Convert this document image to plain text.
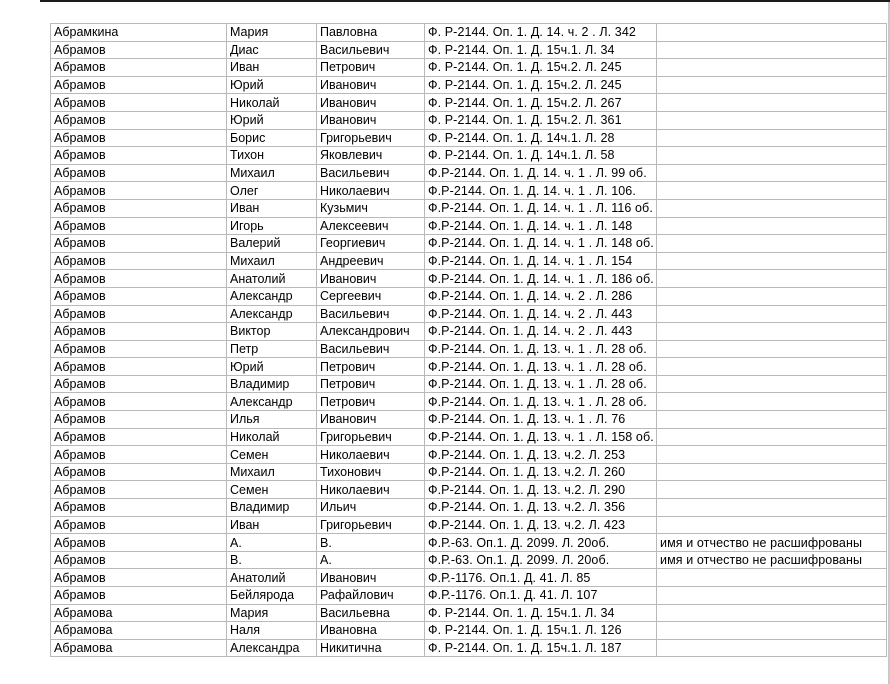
Абрамкина	Мария	Павловна	Ф. Р-2144. Оп. 1. Д. 14. ч. 2 . Л. 342	
Абрамов	Диас	Васильевич	Ф. Р-2144. Оп. 1. Д. 15ч.1. Л. 34	
Абрамов	Иван	Петрович	Ф. Р-2144. Оп. 1. Д. 15ч.2. Л. 245	
Абрамов	Юрий	Иванович	Ф. Р-2144. Оп. 1. Д. 15ч.2. Л. 245	
Абрамов	Николай	Иванович	Ф. Р-2144. Оп. 1. Д. 15ч.2. Л. 267	
Абрамов	Юрий	Иванович	Ф. Р-2144. Оп. 1. Д. 15ч.2. Л. 361	
Абрамов	Борис	Григорьевич	Ф. Р-2144. Оп. 1. Д. 14ч.1. Л. 28	
Абрамов	Тихон	Яковлевич	Ф. Р-2144. Оп. 1. Д. 14ч.1. Л. 58	
Абрамов	Михаил	Васильевич	Ф.Р-2144. Оп. 1. Д. 14. ч. 1 . Л. 99 об.	
Абрамов	Олег	Николаевич	Ф.Р-2144. Оп. 1. Д. 14. ч. 1 . Л. 106.	
Абрамов	Иван	Кузьмич	Ф.Р-2144. Оп. 1. Д. 14. ч. 1 . Л. 116 об.	
Абрамов	Игорь	Алексеевич	Ф.Р-2144. Оп. 1. Д. 14. ч. 1 . Л. 148	
Абрамов	Валерий	Георгиевич	Ф.Р-2144. Оп. 1. Д. 14. ч. 1 . Л. 148 об.	
Абрамов	Михаил	Андреевич	Ф.Р-2144. Оп. 1. Д. 14. ч. 1 . Л. 154	
Абрамов	Анатолий	Иванович	Ф.Р-2144. Оп. 1. Д. 14. ч. 1 . Л. 186 об.	
Абрамов	Александр	Сергеевич	Ф.Р-2144. Оп. 1. Д. 14. ч. 2 . Л. 286	
Абрамов	Александр	Васильевич	Ф.Р-2144. Оп. 1. Д. 14. ч. 2 . Л. 443	
Абрамов	Виктор	Александрович	Ф.Р-2144. Оп. 1. Д. 14. ч. 2 . Л. 443	
Абрамов	Петр	Васильевич	Ф.Р-2144. Оп. 1. Д. 13. ч. 1 . Л. 28 об.	
Абрамов	Юрий	Петрович	Ф.Р-2144. Оп. 1. Д. 13. ч. 1 . Л. 28 об.	
Абрамов	Владимир	Петрович	Ф.Р-2144. Оп. 1. Д. 13. ч. 1 . Л. 28 об.	
Абрамов	Александр	Петрович	Ф.Р-2144. Оп. 1. Д. 13. ч. 1 . Л. 28 об.	
Абрамов	Илья	Иванович	Ф.Р-2144. Оп. 1. Д. 13. ч. 1 . Л. 76	
Абрамов	Николай	Григорьевич	Ф.Р-2144. Оп. 1. Д. 13. ч. 1 . Л. 158 об.	
Абрамов	Семен	Николаевич	Ф.Р-2144. Оп. 1. Д. 13. ч.2. Л. 253	
Абрамов	Михаил	Тихонович	Ф.Р-2144. Оп. 1. Д. 13. ч.2. Л. 260	
Абрамов	Семен	Николаевич	Ф.Р-2144. Оп. 1. Д. 13. ч.2. Л. 290	
Абрамов	Владимир	Ильич	Ф.Р-2144. Оп. 1. Д. 13. ч.2. Л. 356	
Абрамов	Иван	Григорьевич	Ф.Р-2144. Оп. 1. Д. 13. ч.2. Л. 423	
Абрамов	А.	В.	Ф.Р.-63. Оп.1. Д. 2099. Л. 20об.	имя и отчество не расшифрованы
Абрамов	В.	А.	Ф.Р.-63. Оп.1. Д. 2099. Л. 20об.	имя и отчество не расшифрованы
Абрамов	Анатолий	Иванович	Ф.Р.-1176. Оп.1. Д. 41. Л. 85	
Абрамов	Бейлярода	Рафайлович	Ф.Р.-1176. Оп.1. Д. 41. Л. 107	
Абрамова	Мария	Васильевна	Ф. Р-2144. Оп. 1. Д. 15ч.1. Л. 34	
Абрамова	Наля	Ивановна	Ф. Р-2144. Оп. 1. Д. 15ч.1. Л. 126	
Абрамова	Александра	Никитична	Ф. Р-2144. Оп. 1. Д. 15ч.1. Л. 187	
